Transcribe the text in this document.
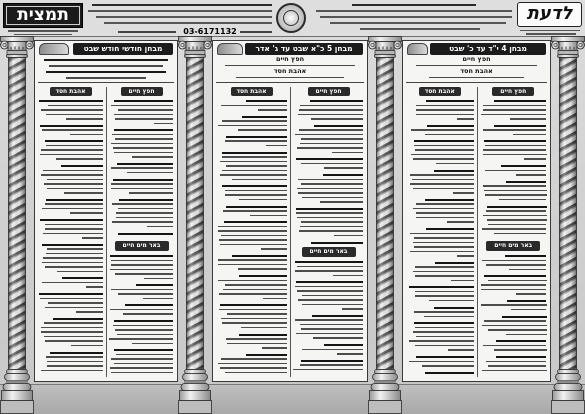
תמצית	לדעת
03-6171132
מבחן חודשי חודש שבט
חפץ חיים
אהבת חסד
באר מים חיים
מבחן 5 כ"א שבט עד ג' אדר
חפץ חיים
אהבת חסד
חפץ חיים
אהבת חסד
באר מים חיים
מבחן 4 י"ד עד כ' שבט
חפץ חיים
אהבת חסד
חפץ חיים
אהבת חסד
באר מים חיים
